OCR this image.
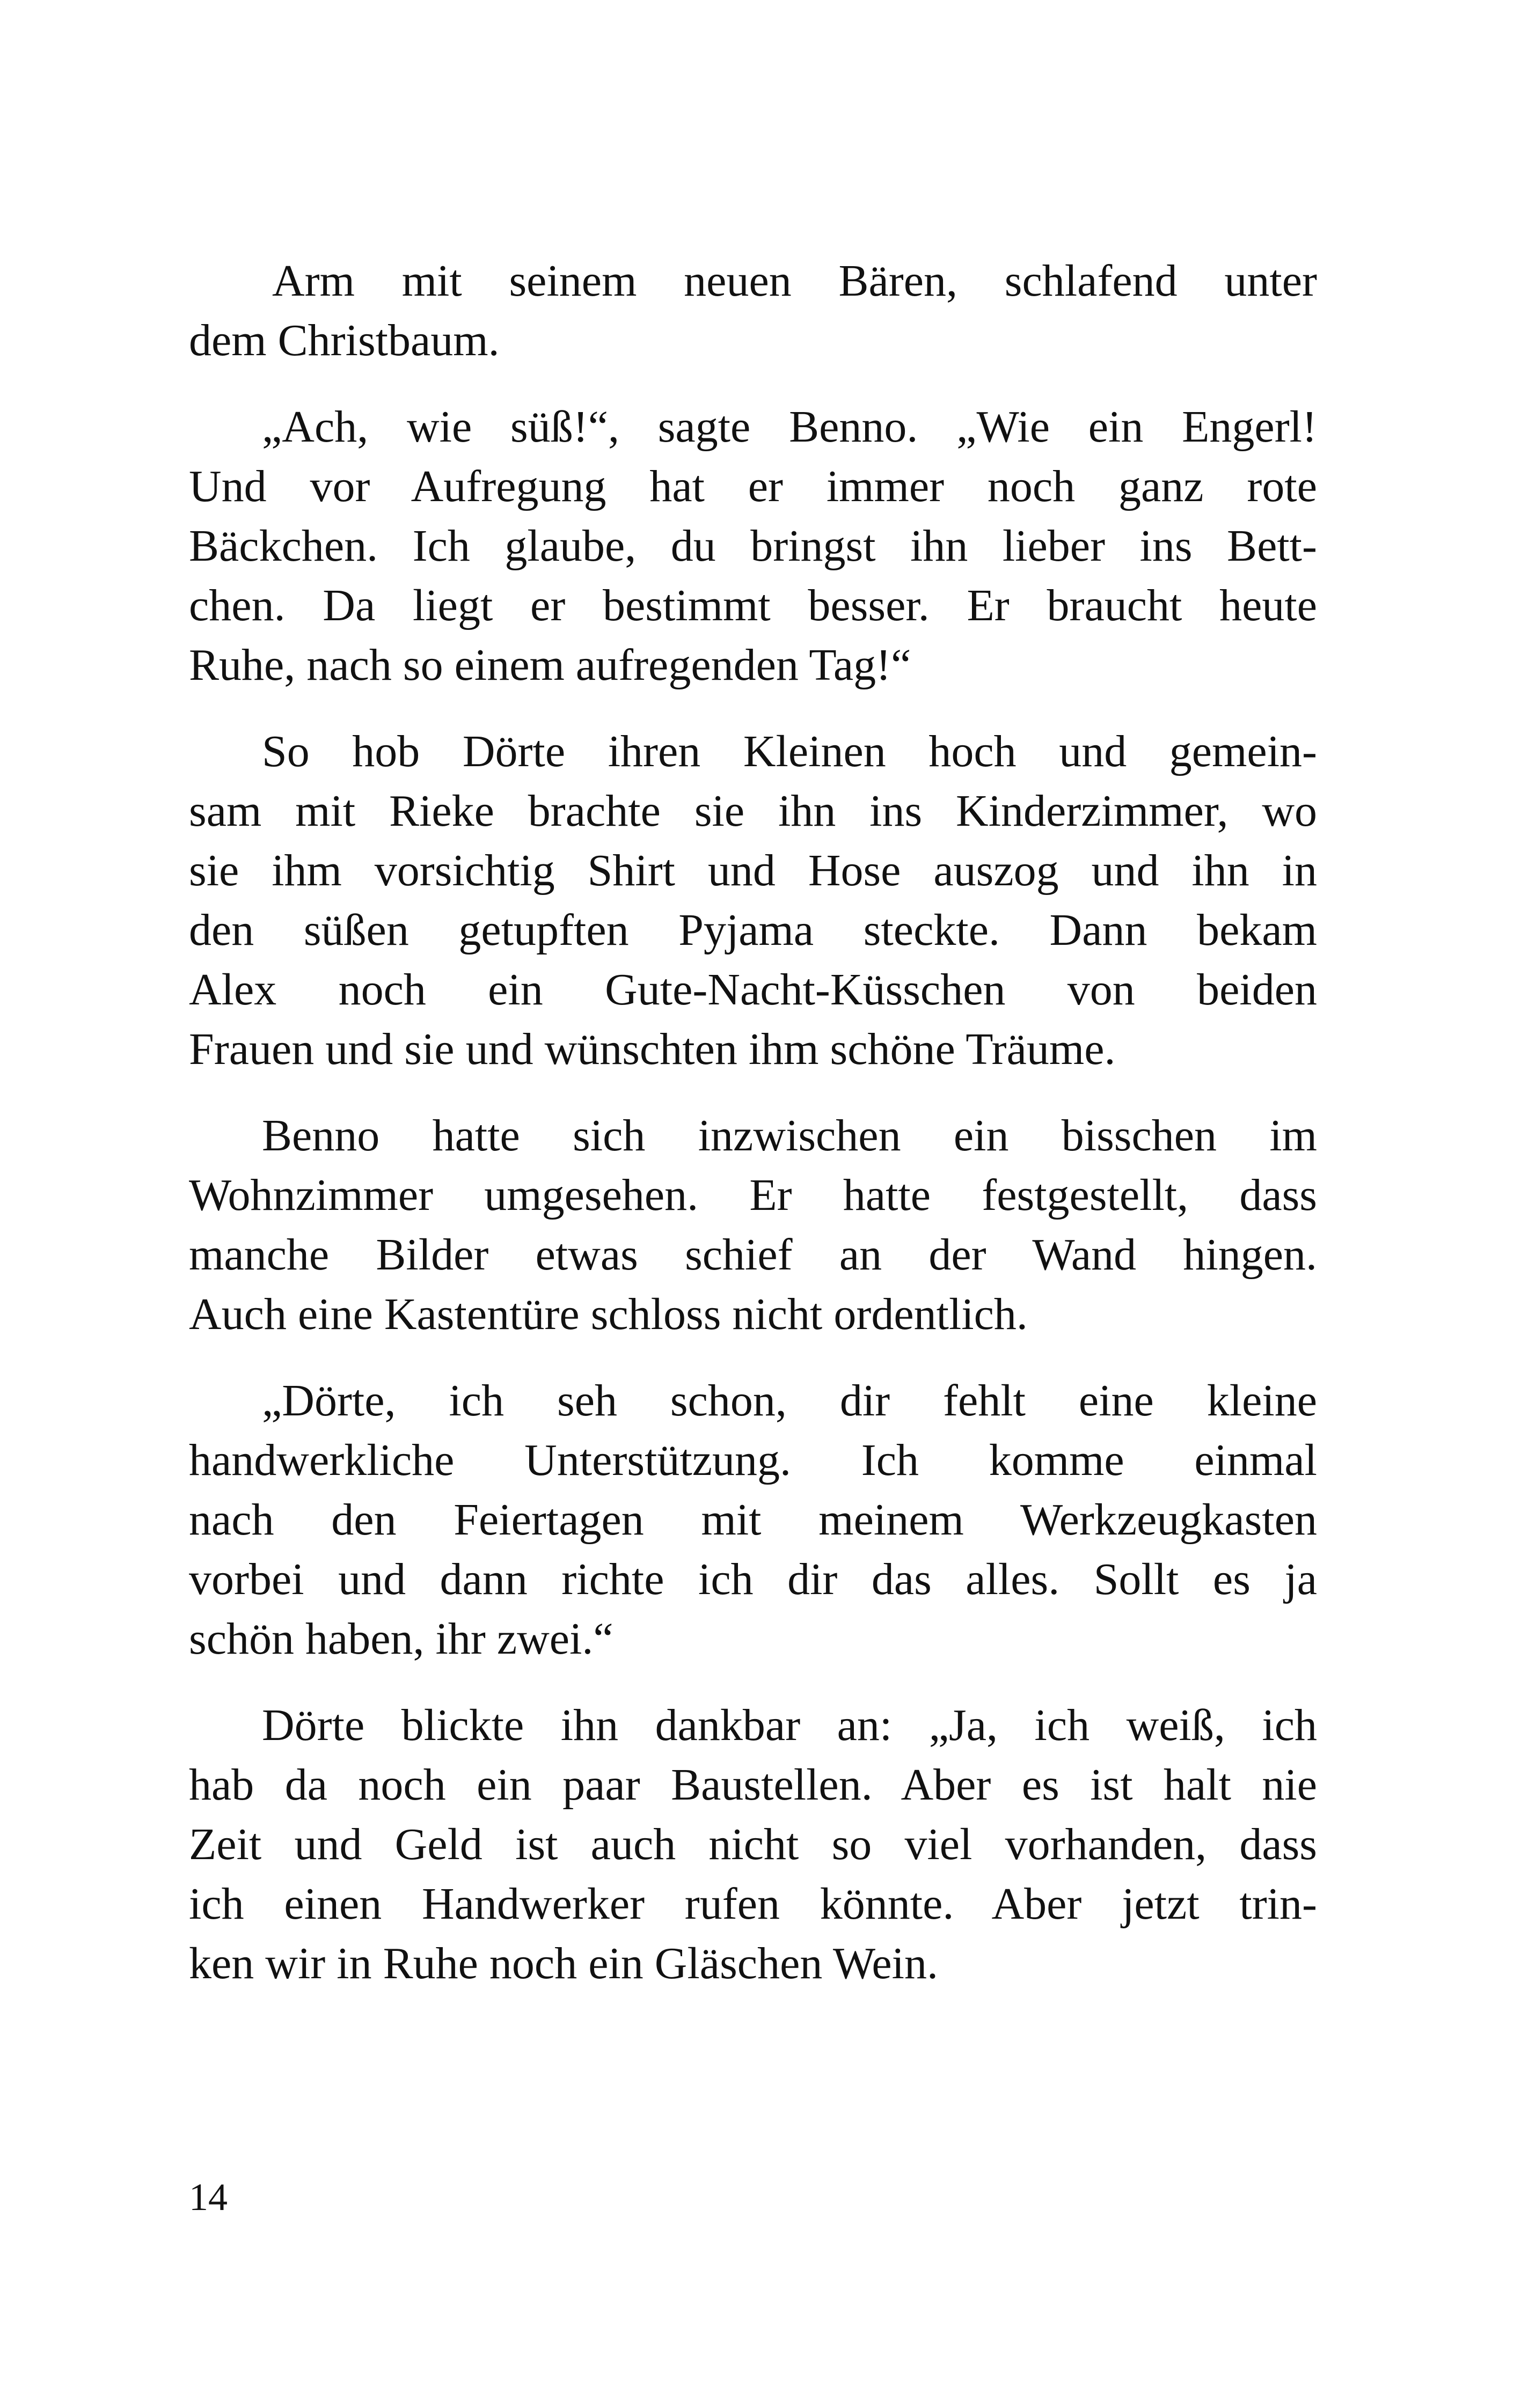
Arm mit seinem neuen Bären, schlafend unter
dem Christbaum.
„Ach, wie süß!“, sagte Benno. „Wie ein Engerl!
Und vor Aufregung hat er immer noch ganz rote
Bäckchen. Ich glaube, du bringst ihn lieber ins Bett-
chen. Da liegt er bestimmt besser. Er braucht heute
Ruhe, nach so einem aufregenden Tag!“
So hob Dörte ihren Kleinen hoch und gemein-
sam mit Rieke brachte sie ihn ins Kinderzimmer, wo
sie ihm vorsichtig Shirt und Hose auszog und ihn in
den süßen getupften Pyjama steckte. Dann bekam
Alex noch ein Gute-Nacht-Küsschen von beiden
Frauen und sie und wünschten ihm schöne Träume.
Benno hatte sich inzwischen ein bisschen im
Wohnzimmer umgesehen. Er hatte festgestellt, dass
manche Bilder etwas schief an der Wand hingen.
Auch eine Kastentüre schloss nicht ordentlich.
„Dörte, ich seh schon, dir fehlt eine kleine
handwerkliche Unterstützung. Ich komme einmal
nach den Feiertagen mit meinem Werkzeugkasten
vorbei und dann richte ich dir das alles. Sollt es ja
schön haben, ihr zwei.“
Dörte blickte ihn dankbar an: „Ja, ich weiß, ich
hab da noch ein paar Baustellen. Aber es ist halt nie
Zeit und Geld ist auch nicht so viel vorhanden, dass
ich einen Handwerker rufen könnte. Aber jetzt trin-
ken wir in Ruhe noch ein Gläschen Wein.
14
